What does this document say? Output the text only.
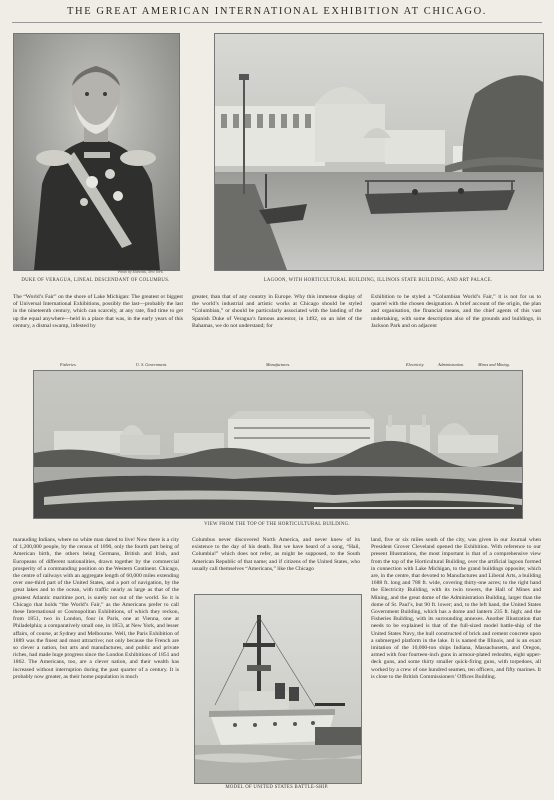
THE GREAT AMERICAN INTERNATIONAL EXHIBITION AT CHICAGO.
Photo by Marceau, New York.
DUKE OF VERAGUA, LINEAL DESCENDANT OF COLUMBUS.	LAGOON, WITH HORTICULTURAL BUILDING, ILLINOIS STATE BUILDING, AND ART PALACE.
The “World’s Fair” on the shore of Lake Michigan: The greatest or biggest of Universal International Exhibitions, possibly the last—probably the last in the nineteenth century, which can scarcely, at any rate, find time to get up the equal anywhere—held in a place that was, in the early years of this century, a dismal swamp, infested by
greater, than that of any country in Europe. Why this immense display of the world’s industrial and artistic works at Chicago should be styled “Columbian,” or should be particularly associated with the landing of the Spanish Duke of Veragua’s famous ancestor, in 1492, on an islet of the Bahamas, we do not understand; for
Exhibition to be styled a “Columbian World’s Fair,” it is not for us to quarrel with the chosen designation. A brief account of the origin, the plan and organisation, the financial means, and the chief agents of this vast undertaking, with some description also of the grounds and buildings, in Jackson Park and on adjacent
Fisheries.	U. S. Government.	Manufactures.	Electricity.	Administration.	Mines and Mining.
VIEW FROM THE TOP OF THE HORTICULTURAL BUILDING.
marauding Indians, where no white man dared to live! Now there is a city of 1,200,000 people, by the census of 1890, only the fourth part being of American birth, the others being Germans, British and Irish, and Europeans of different nationalities, drawn together by the commercial prosperity of a commanding position on the Western Continent. Chicago, the centre of railways with an aggregate length of 60,000 miles extending over one-third part of the United States, and a port of navigation, by the great lakes and to the ocean, with traffic nearly as large as that of the greatest Atlantic maritime port, is surely not out of the world. So it is Chicago that holds “the World’s Fair,” as the Americans prefer to call these International or Cosmopolitan Exhibitions, of which they reckon, from 1851, two in London, four in Paris, one at Vienna, one at Philadelphia; a comparatively small one, in 1853, at New York, and lesser affairs, of course, at Sydney and Melbourne. Well, the Paris Exhibition of 1889 was the finest and most attractive; not only because the French are so clever a nation, but arts and manufactures, and public and private riches, had made huge progress since the London Exhibitions of 1851 and 1862. The Americans, too, are a clever nation, and their wealth has increased without interruption during the past quarter of a century. It is probably now greater, as their home population is much
Columbus never discovered North America, and never knew of its existence to the day of his death. But we have heard of a song, “Hail, Columbia!” which does not refer, as might be supposed, to the South American Republic of that name; and if citizens of the United States, who usually call themselves “Americans,” like the Chicago
land, five or six miles south of the city, was given in our Journal when President Grover Cleveland opened the Exhibition. With reference to our present Illustrations, the most important is that of a comprehensive view from the top of the Horticultural Building, over the artificial lagoon formed in connection with Lake Michigan, to the grand buildings opposite; which are, in the centre, that devoted to Manufactures and Liberal Arts, a building 1688 ft. long and 788 ft. wide, covering thirty-one acres; to the right hand the Electricity Building, with its twin towers, the Hall of Mines and Mining, and the great dome of the Administration Building, larger than the dome of St. Paul’s, but 90 ft. lower; and, to the left hand, the United States Government Building, which has a dome and lantern 235 ft. high; and the Fisheries Building, with its surrounding annexes. Another Illustration that needs to be explained is that of the full-sized model battle-ship of the United States Navy, the hull constructed of brick and cement concrete upon a submerged platform in the lake. It is named the Illinois, and is an exact imitation of the 10,000-ton ships Indiana, Massachusetts, and Oregon, armed with four fourteen-inch guns in armour-plated redoubts, eight upper-deck guns, and some thirty smaller quick-firing guns, with torpedoes, all worked by a crew of one hundred seamen, ten officers, and fifty marines. It is close to the British Commissioners’ Offices Building.
MODEL OF UNITED STATES BATTLE-SHIP.
